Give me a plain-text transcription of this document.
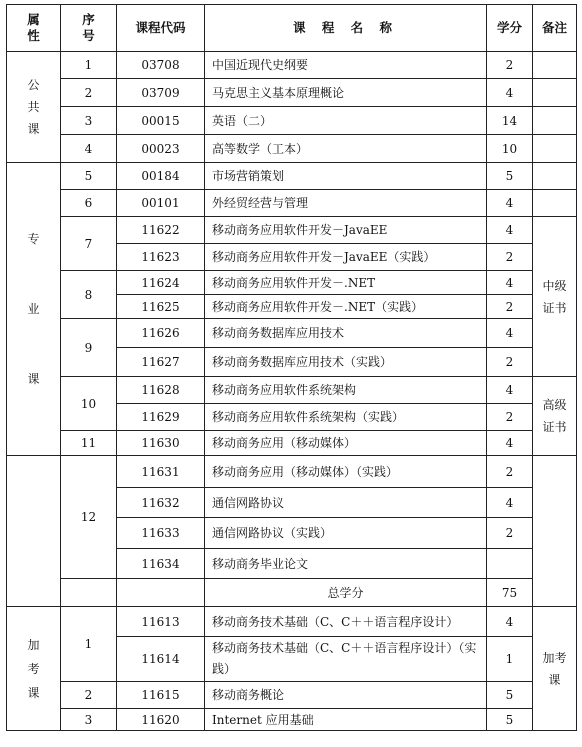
属性	序号	课程代码	课 程 名 称	学分	备注
公共课	1	03708	中国近现代史纲要	2	
	2	03709	马克思主义基本原理概论	4	
	3	00015	英语（二）	14	
	4	00023	高等数学（工本）	10	
专业课	5	00184	市场营销策划	5	
	6	00101	外经贸经营与管理	4	
	7	11622	移动商务应用软件开发－JavaEE	4	中级证书
		11623	移动商务应用软件开发－JavaEE（实践）	2	
	8	11624	移动商务应用软件开发－.NET	4	
		11625	移动商务应用软件开发－.NET（实践）	2	
	9	11626	移动商务数据库应用技术	4	
		11627	移动商务数据库应用技术（实践）	2	
	10	11628	移动商务应用软件系统架构	4	高级证书
		11629	移动商务应用软件系统架构（实践）	2	
	11	11630	移动商务应用（移动媒体）	4	
	12	11631	移动商务应用（移动媒体）（实践）	2	
		11632	通信网路协议	4	
		11633	通信网路协议（实践）	2	
		11634	移动商务毕业论文		
			总学分	75	
加考课	1	11613	移动商务技术基础（C、C＋＋语言程序设计）	4	加考课
		11614	移动商务技术基础（C、C＋＋语言程序设计）（实践）	1	
	2	11615	移动商务概论	5	
	3	11620	Internet 应用基础	5	
